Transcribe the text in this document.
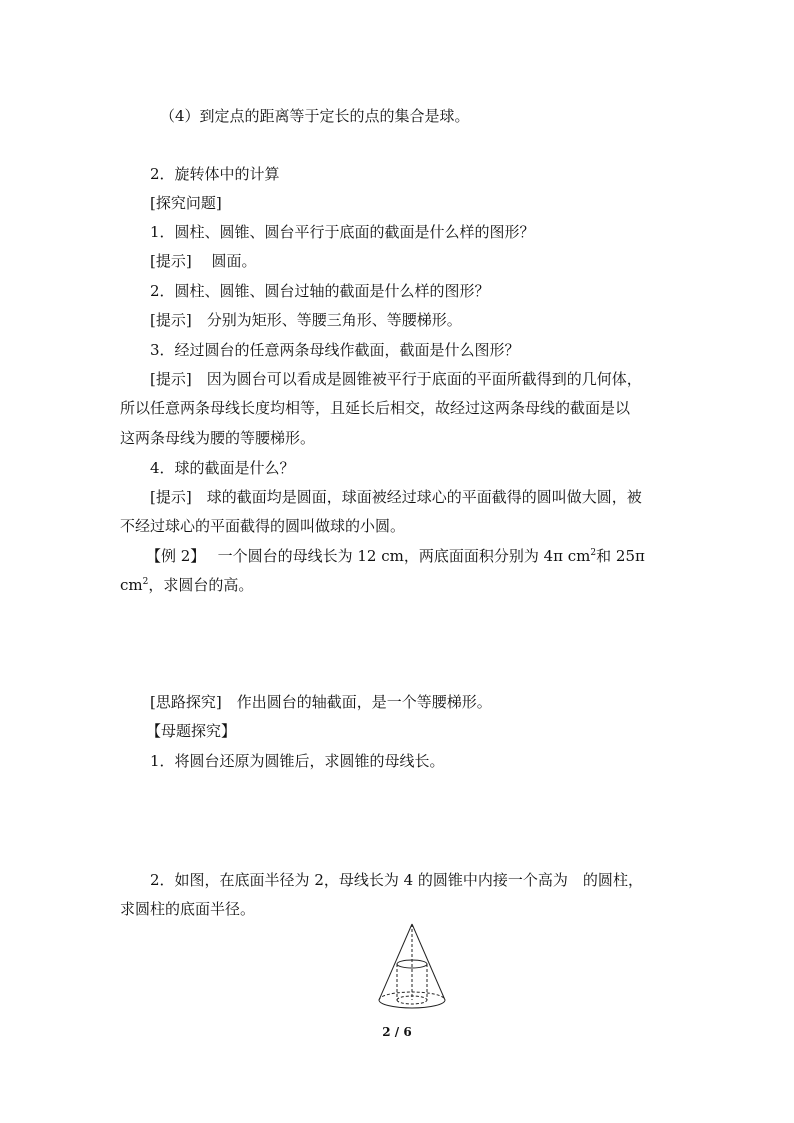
（4）到定点的距离等于定长的点的集合是球。
2．旋转体中的计算
[探究问题]
1．圆柱、圆锥、圆台平行于底面的截面是什么样的图形？
[提示]　 圆面。
2．圆柱、圆锥、圆台过轴的截面是什么样的图形？
[提示]　分别为矩形、等腰三角形、等腰梯形。
3．经过圆台的任意两条母线作截面，截面是什么图形？
[提示]　因为圆台可以看成是圆锥被平行于底面的平面所截得到的几何体，
所以任意两条母线长度均相等，且延长后相交，故经过这两条母线的截面是以
这两条母线为腰的等腰梯形。
4．球的截面是什么？
[提示]　球的截面均是圆面，球面被经过球心的平面截得的圆叫做大圆，被
不经过球心的平面截得的圆叫做球的小圆。
【例 2】　 一个圆台的母线长为 12 cm，两底面面积分别为 4π $cm^2$和 25π
$cm^2$，求圆台的高。
[思路探究]　作出圆台的轴截面，是一个等腰梯形。
【母题探究】
1．将圆台还原为圆锥后，求圆锥的母线长。
2．如图，在底面半径为 2，母线长为 4 的圆锥中内接一个高为　的圆柱，
求圆柱的底面半径。
2 / 6
